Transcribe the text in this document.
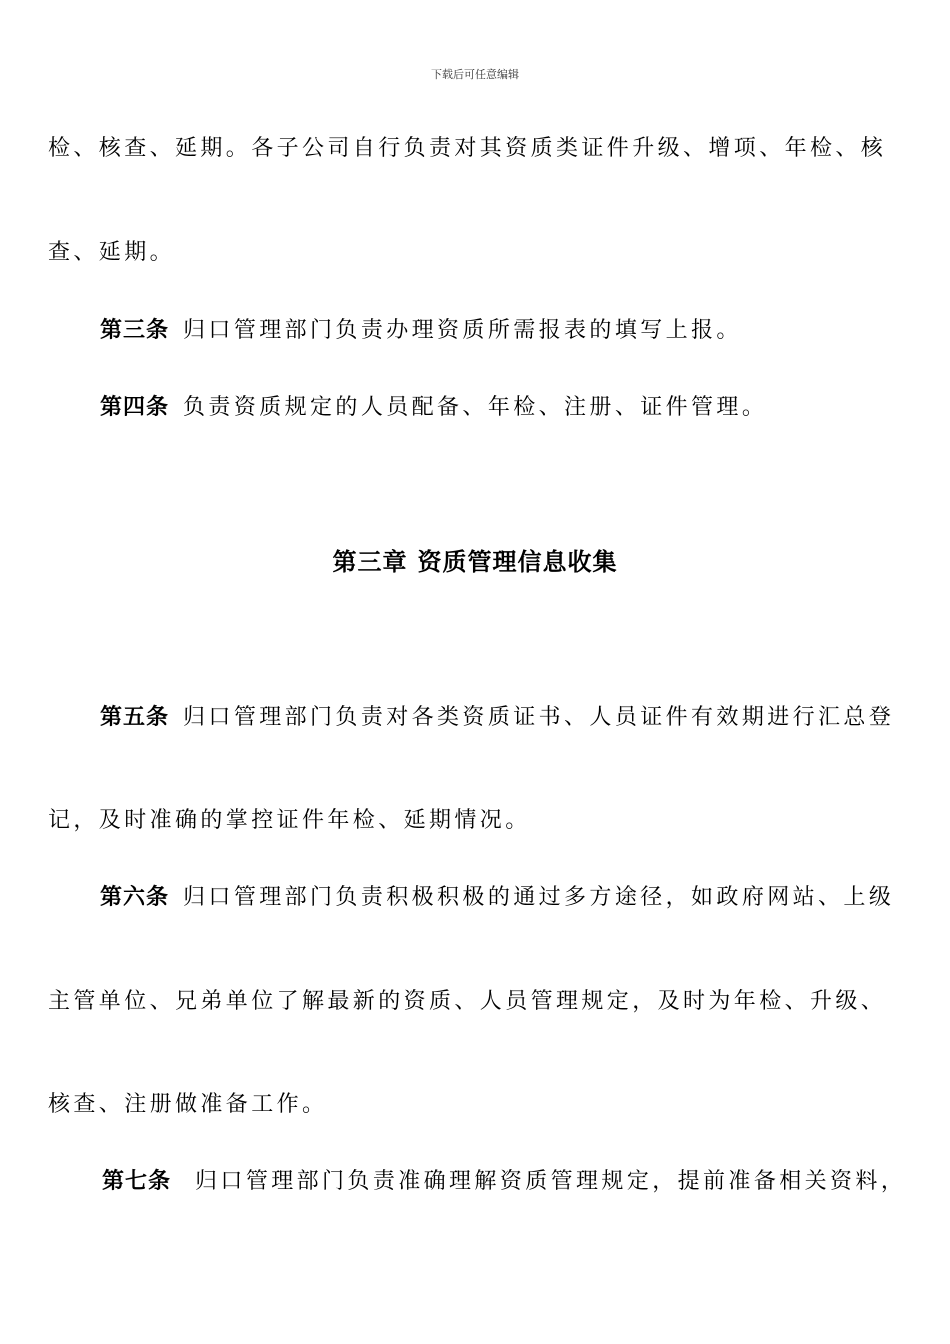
下载后可任意编辑
检、核查、延期。各子公司自行负责对其资质类证件升级、增项、年检、核
查、延期。
第三条 归口管理部门负责办理资质所需报表的填写上报。
第四条 负责资质规定的人员配备、年检、注册、证件管理。
第三章 资质管理信息收集
第五条 归口管理部门负责对各类资质证书、人员证件有效期进行汇总登
记，及时准确的掌控证件年检、延期情况。
第六条 归口管理部门负责积极积极的通过多方途径，如政府网站、上级
主管单位、兄弟单位了解最新的资质、人员管理规定，及时为年检、升级、
核查、注册做准备工作。
第七条 归口管理部门负责准确理解资质管理规定，提前准备相关资料，
